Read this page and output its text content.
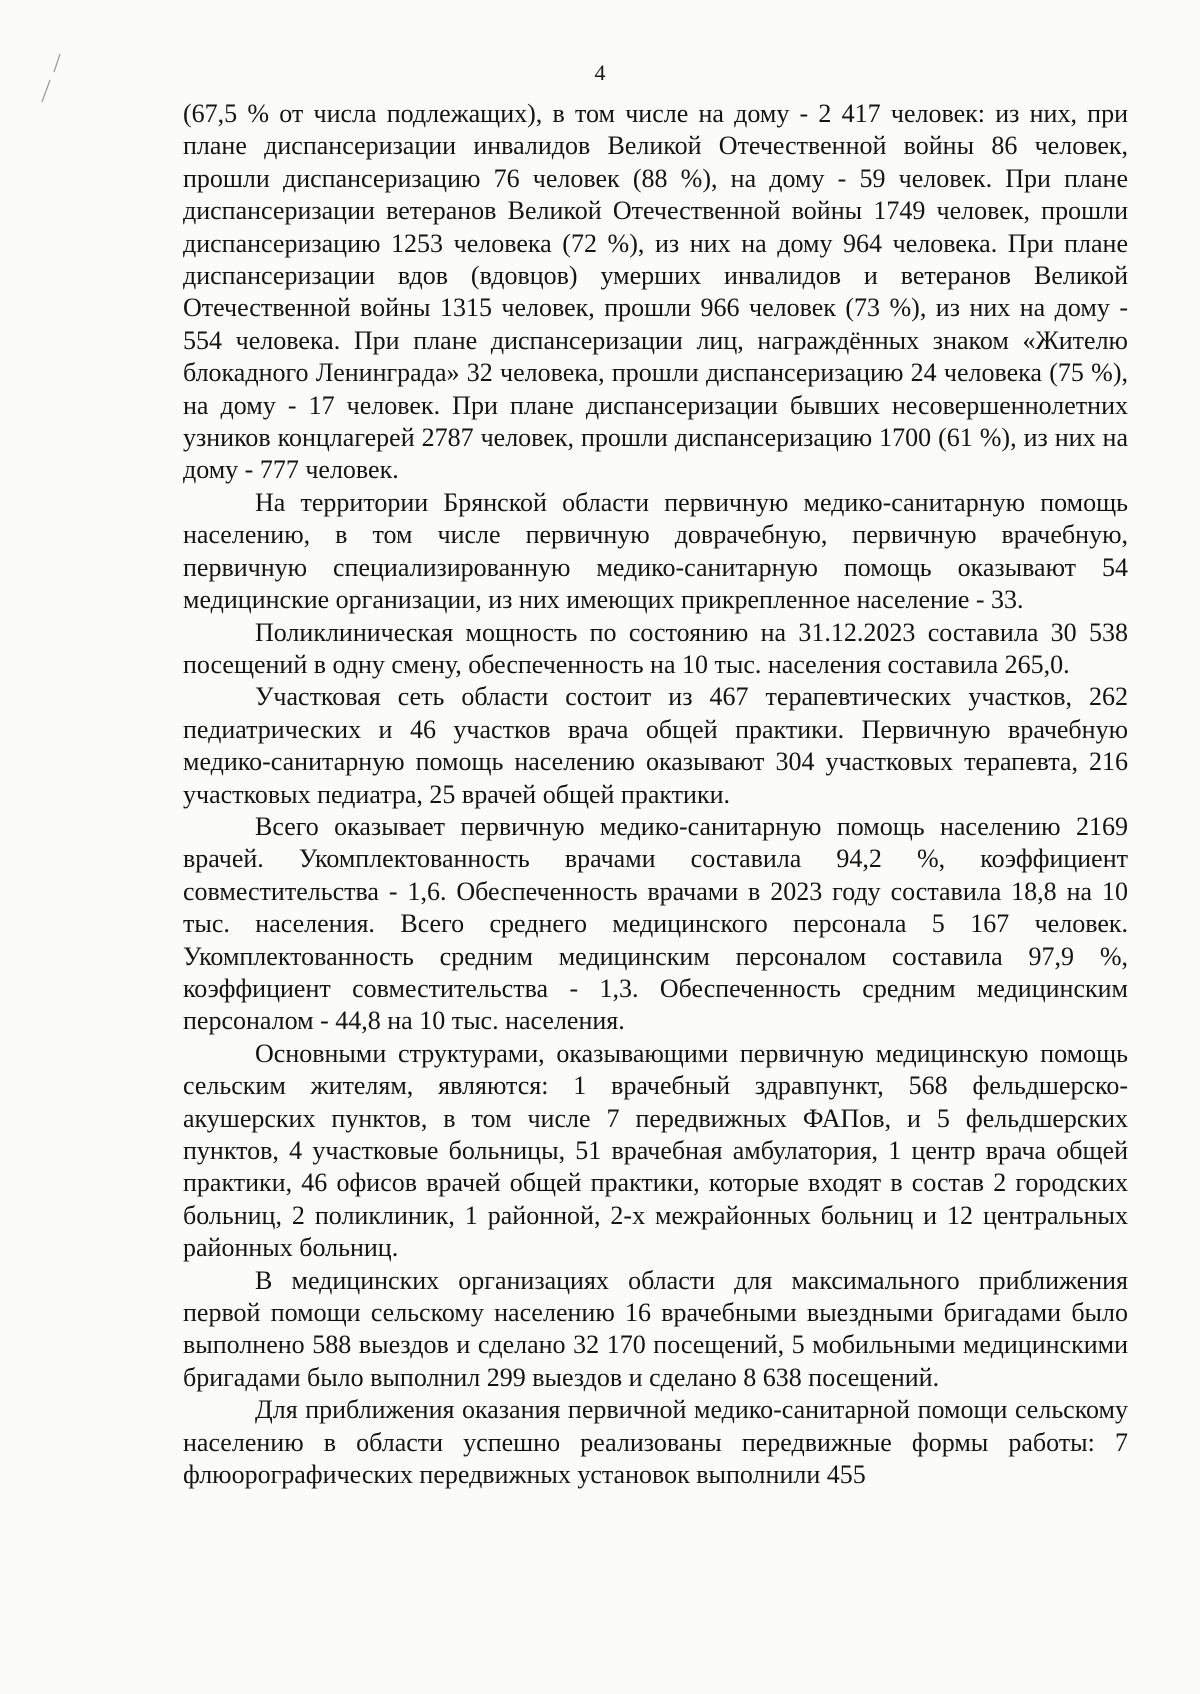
4

(67,5 % от числа подлежащих), в том числе на дому - 2 417 человек: из них, при плане диспансеризации инвалидов Великой Отечественной войны 86 человек, прошли диспансеризацию 76 человек (88 %), на дому - 59 человек. При плане диспансеризации ветеранов Великой Отечественной войны 1749 человек, прошли диспансеризацию 1253 человека (72 %), из них на дому 964 человека. При плане диспансеризации вдов (вдовцов) умерших инвалидов и ветеранов Великой Отечественной войны 1315 человек, прошли 966 человек (73 %), из них на дому - 554 человека. При плане диспансеризации лиц, награждённых знаком «Жителю блокадного Ленинграда» 32 человека, прошли диспансеризацию 24 человека (75 %), на дому - 17 человек. При плане диспансеризации бывших несовершеннолетних узников концлагерей 2787 человек, прошли диспансеризацию 1700 (61 %), из них на дому - 777 человек.

На территории Брянской области первичную медико-санитарную помощь населению, в том числе первичную доврачебную, первичную врачебную, первичную специализированную медико-санитарную помощь оказывают 54 медицинские организации, из них имеющих прикрепленное население - 33.

Поликлиническая мощность по состоянию на 31.12.2023 составила 30 538 посещений в одну смену, обеспеченность на 10 тыс. населения составила 265,0.

Участковая сеть области состоит из 467 терапевтических участков, 262 педиатрических и 46 участков врача общей практики. Первичную врачебную медико-санитарную помощь населению оказывают 304 участковых терапевта, 216 участковых педиатра, 25 врачей общей практики.

Всего оказывает первичную медико-санитарную помощь населению 2169 врачей. Укомплектованность врачами составила 94,2 %, коэффициент совместительства - 1,6. Обеспеченность врачами в 2023 году составила 18,8 на 10 тыс. населения. Всего среднего медицинского персонала 5 167 человек. Укомплектованность средним медицинским персоналом составила 97,9 %, коэффициент совместительства - 1,3. Обеспеченность средним медицинским персоналом - 44,8 на 10 тыс. населения.

Основными структурами, оказывающими первичную медицинскую помощь сельским жителям, являются: 1 врачебный здравпункт, 568 фельдшерско-акушерских пунктов, в том числе 7 передвижных ФАПов, и 5 фельдшерских пунктов, 4 участковые больницы, 51 врачебная амбулатория, 1 центр врача общей практики, 46 офисов врачей общей практики, которые входят в состав 2 городских больниц, 2 поликлиник, 1 районной, 2-х межрайонных больниц и 12 центральных районных больниц.

В медицинских организациях области для максимального приближения первой помощи сельскому населению 16 врачебными выездными бригадами было выполнено 588 выездов и сделано 32 170 посещений, 5 мобильными медицинскими бригадами было выполнил 299 выездов и сделано 8 638 посещений.

Для приближения оказания первичной медико-санитарной помощи сельскому населению в области успешно реализованы передвижные формы работы: 7 флюорографических передвижных установок выполнили 455
